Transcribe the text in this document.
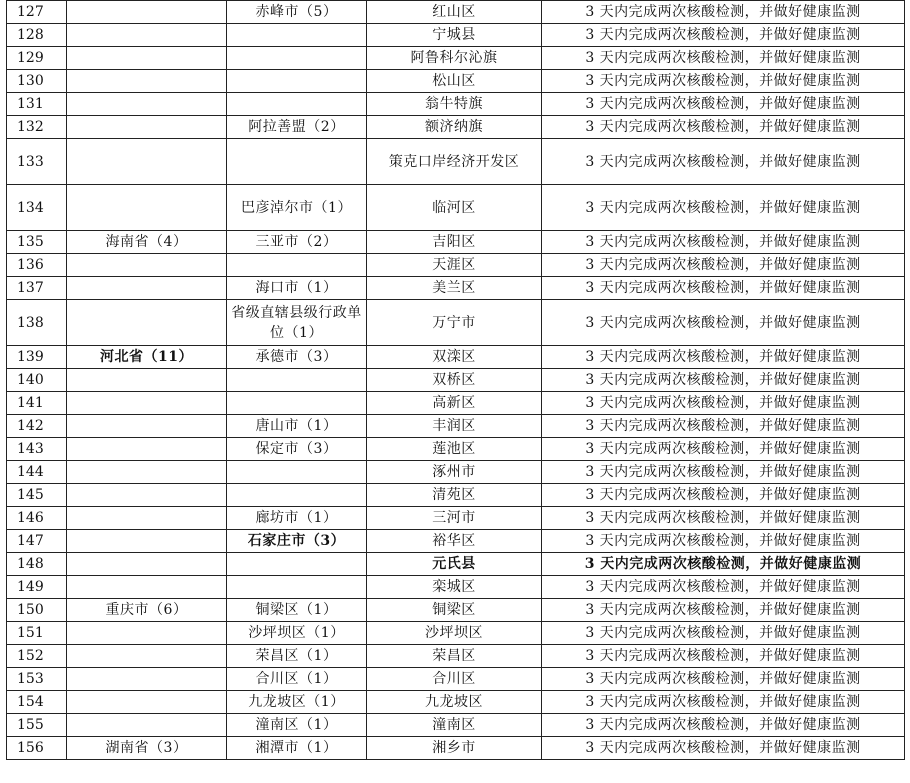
127		赤峰市（5）	红山区	3 天内完成两次核酸检测，并做好健康监测
128			宁城县	3 天内完成两次核酸检测，并做好健康监测
129			阿鲁科尔沁旗	3 天内完成两次核酸检测，并做好健康监测
130			松山区	3 天内完成两次核酸检测，并做好健康监测
131			翁牛特旗	3 天内完成两次核酸检测，并做好健康监测
132		阿拉善盟（2）	额济纳旗	3 天内完成两次核酸检测，并做好健康监测
133			策克口岸经济开发区	3 天内完成两次核酸检测，并做好健康监测
134		巴彦淖尔市（1）	临河区	3 天内完成两次核酸检测，并做好健康监测
135	海南省（4）	三亚市（2）	吉阳区	3 天内完成两次核酸检测，并做好健康监测
136			天涯区	3 天内完成两次核酸检测，并做好健康监测
137		海口市（1）	美兰区	3 天内完成两次核酸检测，并做好健康监测
138		省级直辖县级行政单位（1）	万宁市	3 天内完成两次核酸检测，并做好健康监测
139	河北省（11）	承德市（3）	双滦区	3 天内完成两次核酸检测，并做好健康监测
140			双桥区	3 天内完成两次核酸检测，并做好健康监测
141			高新区	3 天内完成两次核酸检测，并做好健康监测
142		唐山市（1）	丰润区	3 天内完成两次核酸检测，并做好健康监测
143		保定市（3）	莲池区	3 天内完成两次核酸检测，并做好健康监测
144			涿州市	3 天内完成两次核酸检测，并做好健康监测
145			清苑区	3 天内完成两次核酸检测，并做好健康监测
146		廊坊市（1）	三河市	3 天内完成两次核酸检测，并做好健康监测
147		石家庄市（3）	裕华区	3 天内完成两次核酸检测，并做好健康监测
148			元氏县	3 天内完成两次核酸检测，并做好健康监测
149			栾城区	3 天内完成两次核酸检测，并做好健康监测
150	重庆市（6）	铜梁区（1）	铜梁区	3 天内完成两次核酸检测，并做好健康监测
151		沙坪坝区（1）	沙坪坝区	3 天内完成两次核酸检测，并做好健康监测
152		荣昌区（1）	荣昌区	3 天内完成两次核酸检测，并做好健康监测
153		合川区（1）	合川区	3 天内完成两次核酸检测，并做好健康监测
154		九龙坡区（1）	九龙坡区	3 天内完成两次核酸检测，并做好健康监测
155		潼南区（1）	潼南区	3 天内完成两次核酸检测，并做好健康监测
156	湖南省（3）	湘潭市（1）	湘乡市	3 天内完成两次核酸检测，并做好健康监测
